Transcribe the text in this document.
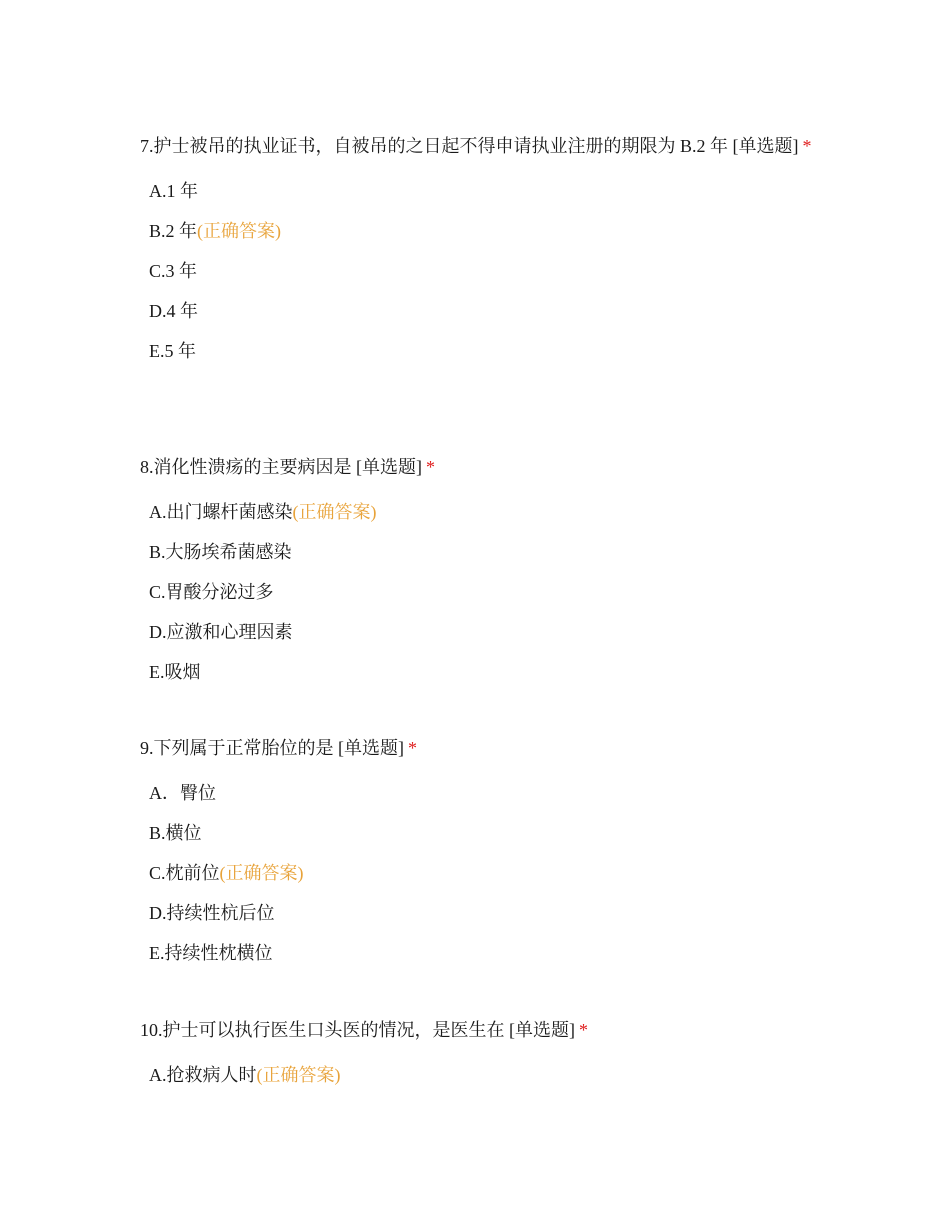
7.护士被吊的执业证书，自被吊的之日起不得申请执业注册的期限为 B.2 年 [单选题] *
A.1 年
B.2 年(正确答案)
C.3 年
D.4 年
E.5 年
8.消化性溃疡的主要病因是 [单选题] *
A.出门螺杆菌感染(正确答案)
B.大肠埃希菌感染
C.胃酸分泌过多
D.应激和心理因素
E.吸烟
9.下列属于正常胎位的是 [单选题] *
A．臀位
B.横位
C.枕前位(正确答案)
D.持续性杭后位
E.持续性枕横位
10.护士可以执行医生口头医的情况，是医生在 [单选题] *
A.抢救病人时(正确答案)
